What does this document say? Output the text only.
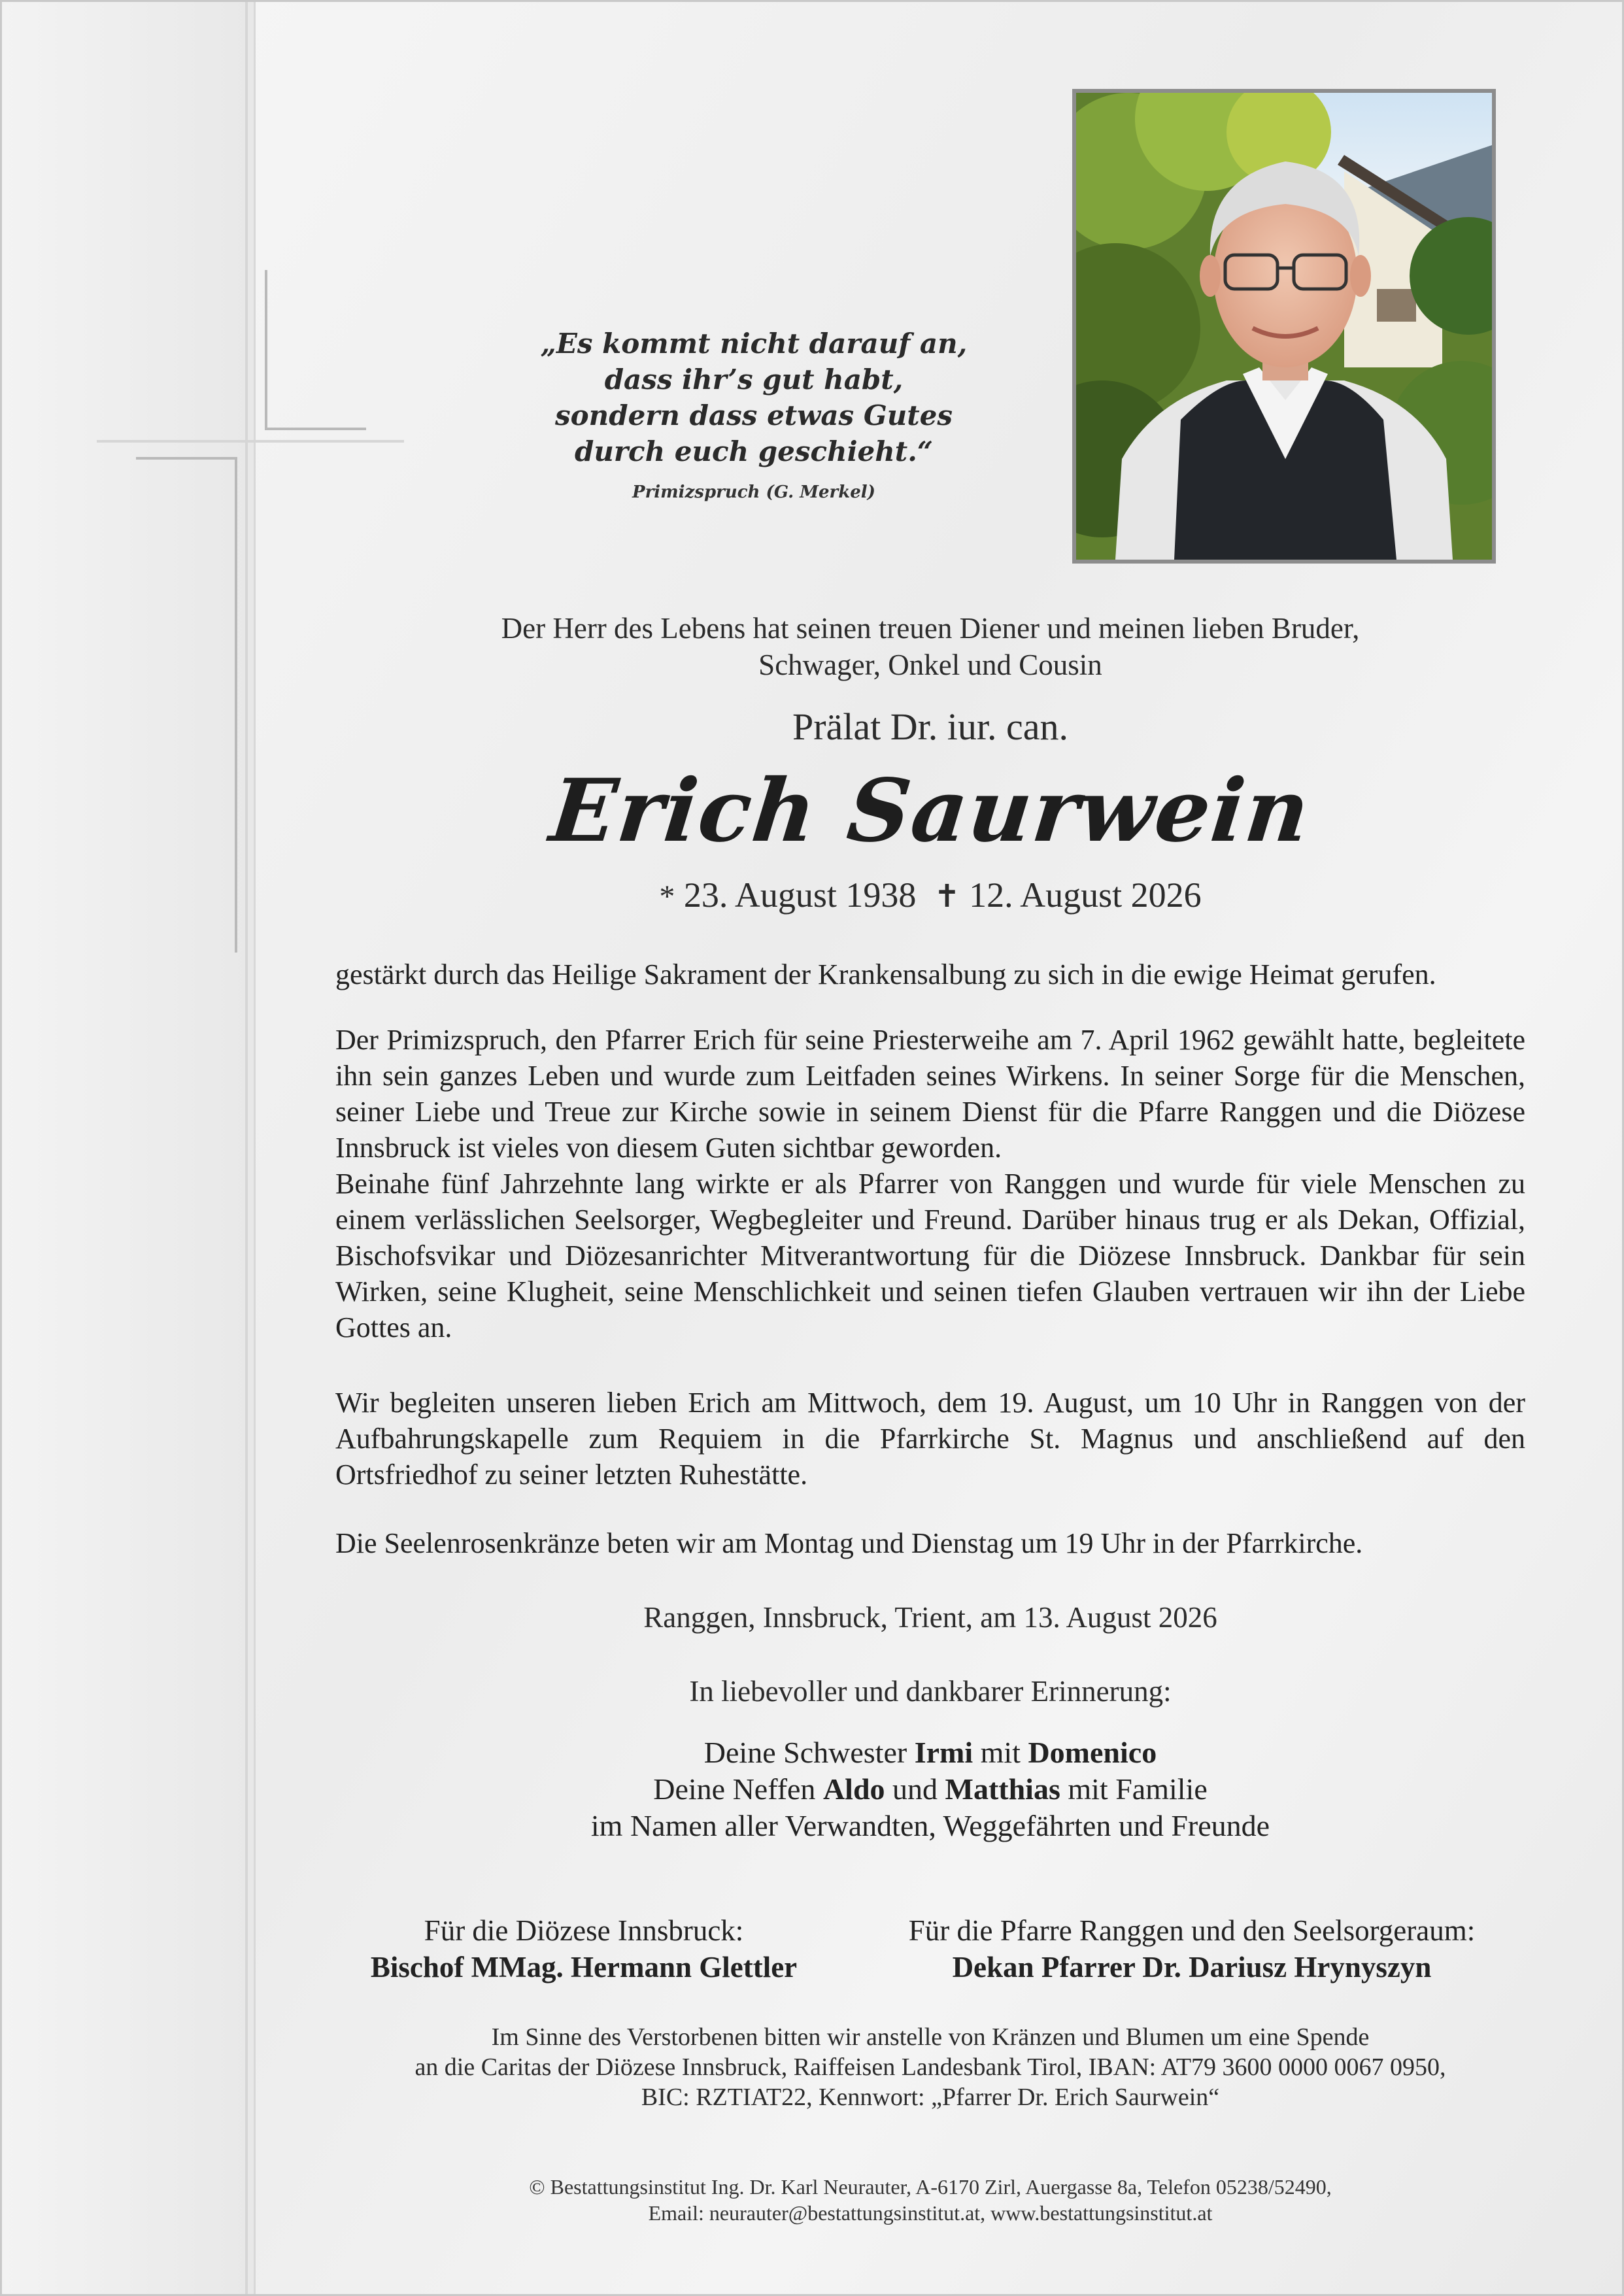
„Es kommt nicht darauf an,
dass ihr’s gut habt,
sondern dass etwas Gutes
durch euch geschieht.“
Primizspruch (G. Merkel)
Der Herr des Lebens hat seinen treuen Diener und meinen lieben Bruder,
Schwager, Onkel und Cousin
Prälat Dr. iur. can.
Erich Saurwein
* 23. August 1938 ✝ 12. August 2026
gestärkt durch das Heilige Sakrament der Krankensalbung zu sich in die ewige Heimat gerufen.
Der Primizspruch, den Pfarrer Erich für seine Priesterweihe am 7. April 1962 gewählt hatte, begleitete ihn sein ganzes Leben und wurde zum Leitfaden seines Wirkens. In seiner Sorge für die Menschen, seiner Liebe und Treue zur Kirche sowie in seinem Dienst für die Pfarre Ranggen und die Diözese Innsbruck ist vieles von diesem Guten sichtbar geworden.
Beinahe fünf Jahrzehnte lang wirkte er als Pfarrer von Ranggen und wurde für viele Menschen zu einem verlässlichen Seelsorger, Wegbegleiter und Freund. Darüber hinaus trug er als Dekan, Offizial, Bischofsvikar und Diözesanrichter Mitverantwortung für die Diözese Innsbruck. Dankbar für sein Wirken, seine Klugheit, seine Menschlichkeit und seinen tiefen Glauben vertrauen wir ihn der Liebe Gottes an.
Wir begleiten unseren lieben Erich am Mittwoch, dem 19. August, um 10 Uhr in Ranggen von der Aufbahrungskapelle zum Requiem in die Pfarrkirche St. Magnus und anschließend auf den Ortsfriedhof zu seiner letzten Ruhestätte.
Die Seelenrosenkränze beten wir am Montag und Dienstag um 19 Uhr in der Pfarrkirche.
Ranggen, Innsbruck, Trient, am 13. August 2026
In liebevoller und dankbarer Erinnerung:
Deine Schwester Irmi mit Domenico
Deine Neffen Aldo und Matthias mit Familie
im Namen aller Verwandten, Weggefährten und Freunde
Für die Diözese Innsbruck:
Bischof MMag. Hermann Glettler
Für die Pfarre Ranggen und den Seelsorgeraum:
Dekan Pfarrer Dr. Dariusz Hrynyszyn
Im Sinne des Verstorbenen bitten wir anstelle von Kränzen und Blumen um eine Spende
an die Caritas der Diözese Innsbruck, Raiffeisen Landesbank Tirol, IBAN: AT79 3600 0000 0067 0950,
BIC: RZTIAT22, Kennwort: „Pfarrer Dr. Erich Saurwein“
© Bestattungsinstitut Ing. Dr. Karl Neurauter, A-6170 Zirl, Auergasse 8a, Telefon 05238/52490,
Email: neurauter@bestattungsinstitut.at, www.bestattungsinstitut.at
